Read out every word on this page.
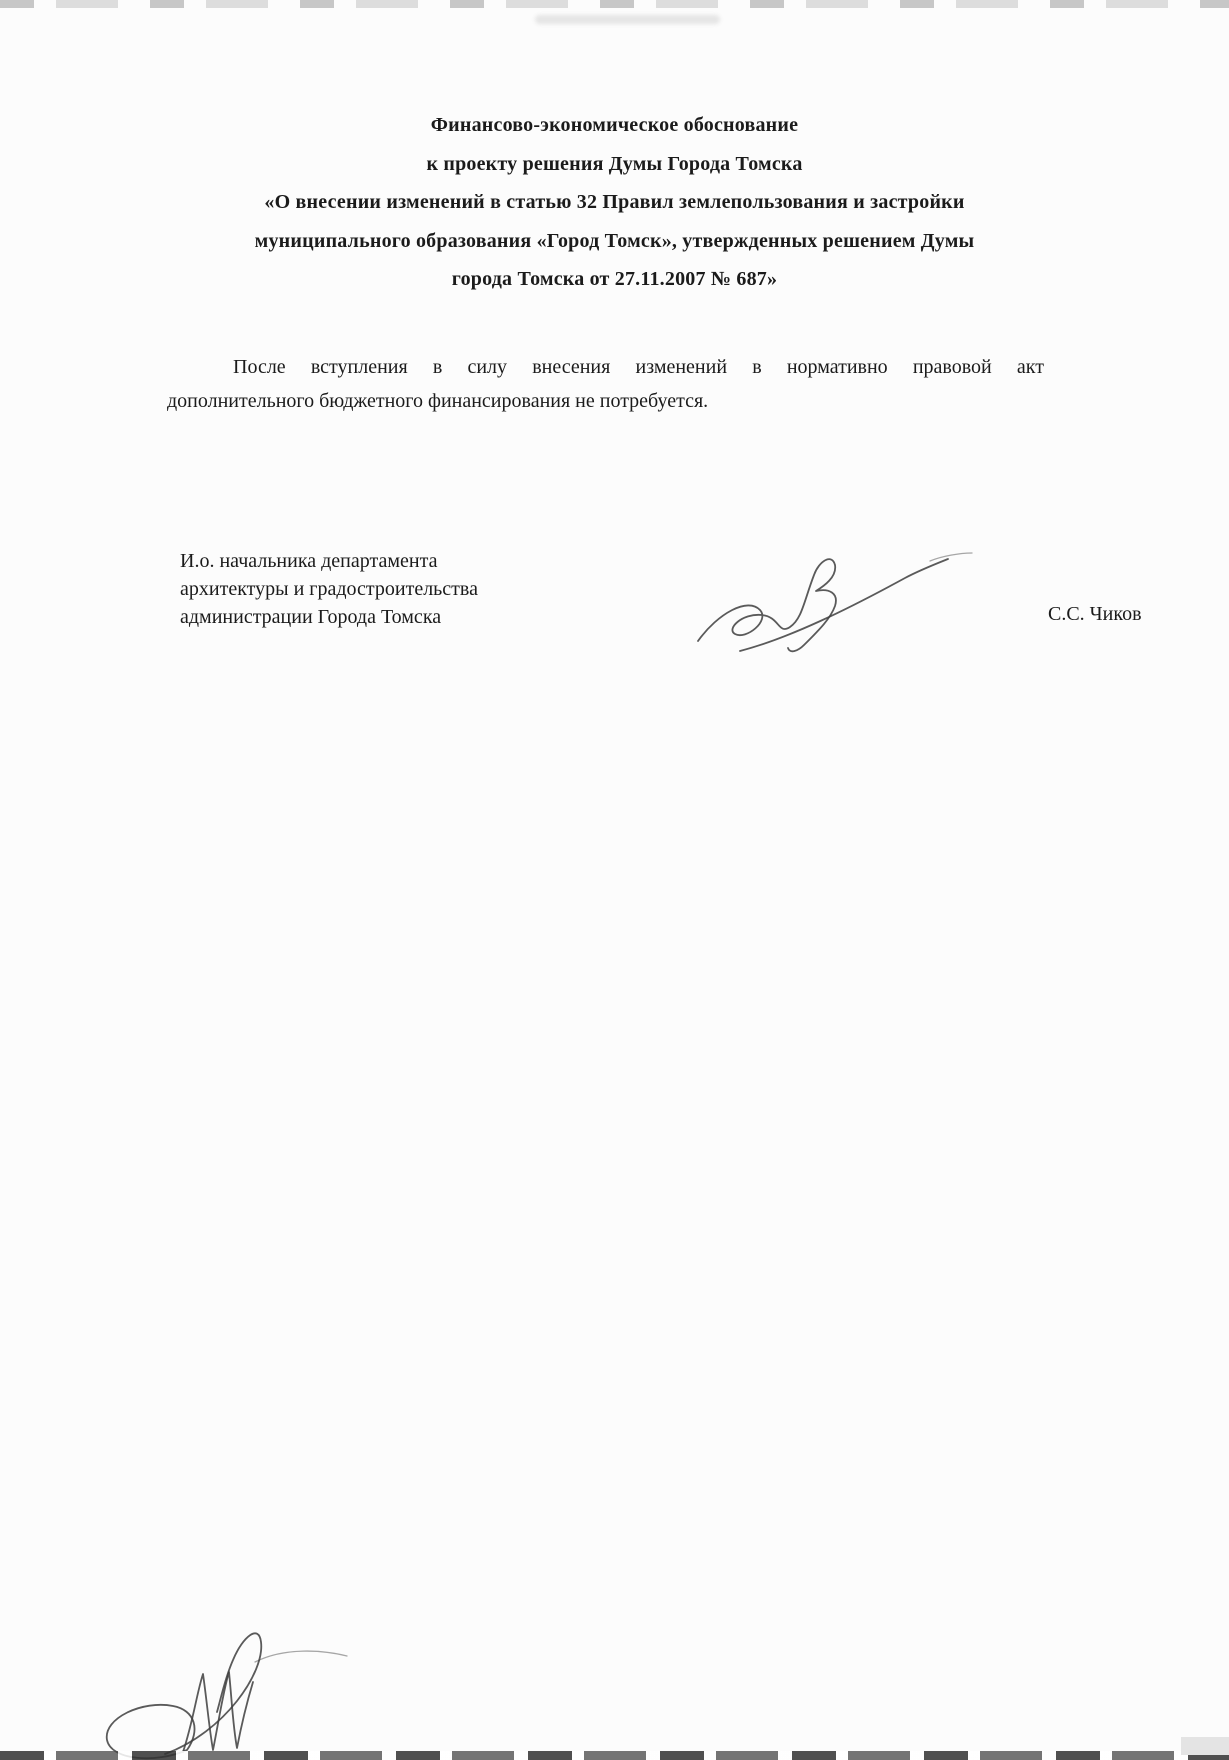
Финансово-экономическое обоснование
к проекту решения Думы Города Томска
«О внесении изменений в статью 32 Правил землепользования и застройки
муниципального образования «Город Томск», утвержденных решением Думы
города Томска от 27.11.2007 № 687»
После вступления в силу внесения изменений в нормативно правовой акт
дополнительного бюджетного финансирования не потребуется.
И.о. начальника департамента
архитектуры и градостроительства
администрации Города Томска	С.С. Чиков
